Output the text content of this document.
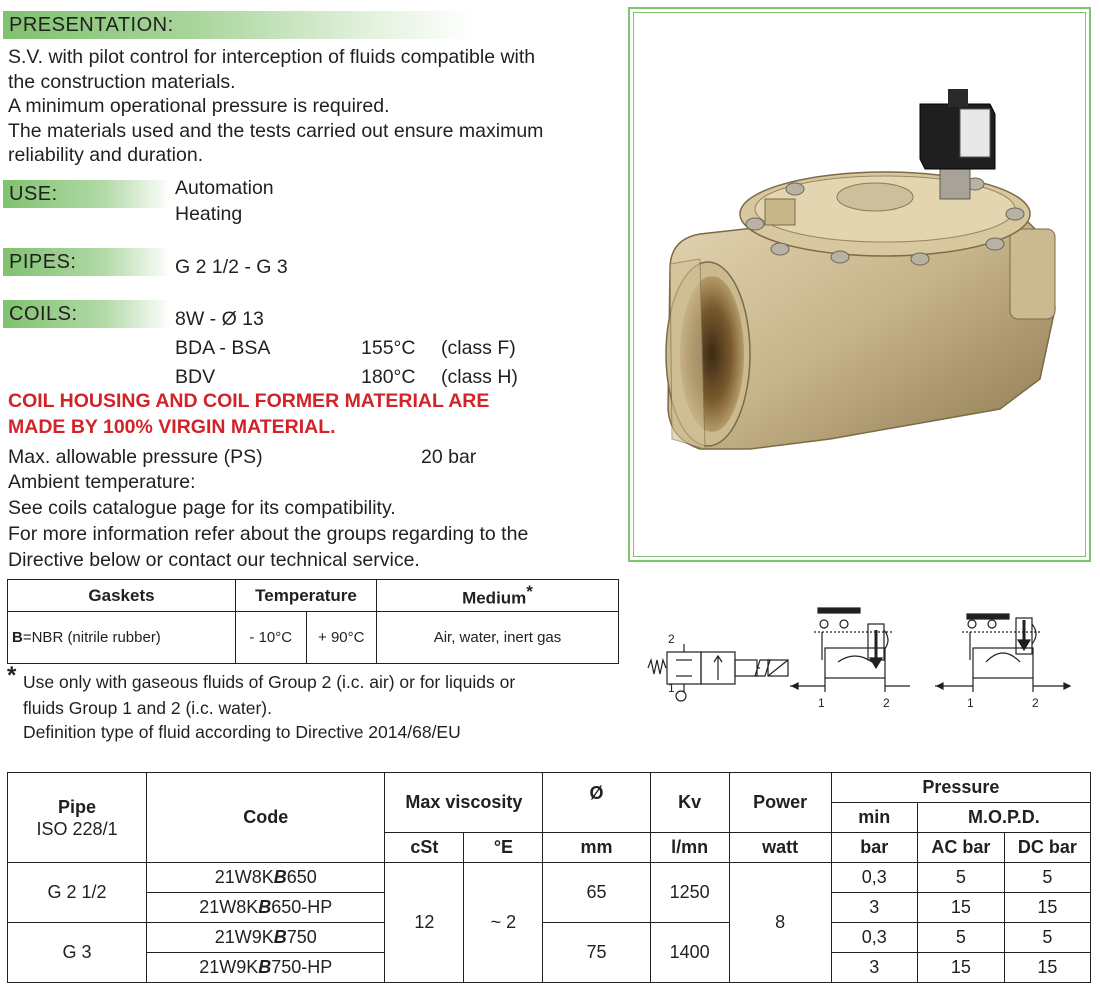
PRESENTATION:
S.V. with pilot control for interception of fluids compatible with
the construction materials.
A minimum operational pressure is required.
The materials used and the tests carried out ensure maximum
reliability and duration.
USE:	Automation
Heating
PIPES:	G 2 1/2 - G 3
COILS:	8W - Ø 13
BDA - BSA	155°C (class F)
BDV	180°C (class H)
COIL HOUSING AND COIL FORMER MATERIAL ARE
MADE BY 100% VIRGIN MATERIAL.
Max. allowable pressure (PS)	20 bar
Ambient temperature:
See coils catalogue page for its compatibility.
For more information refer about the groups regarding to the
Directive below or contact our technical service.
Gaskets	Temperature		Medium*
B=NBR (nitrile rubber)	- 10°C	+ 90°C	Air, water, inert gas
* Use only with gaseous fluids of Group 2 (i.c. air) or for liquids or
fluids Group 1 and 2 (i.c. water).
Definition type of fluid according to Directive 2014/68/EU
2
1
1	2	1	2
Pipe
ISO 228/1	Code	Max viscosity		Ø	Kv	Power	Pressure		
							min	M.O.P.D.	
		cSt	°E	mm	l/mn	watt	bar	AC bar	DC bar
G 2 1/2	21W8KB650	12	~ 2	65	1250	8	0,3	5	5
	21W8KB650-HP						3	15	15
G 3	21W9KB750			75	1400		0,3	5	5
	21W9KB750-HP						3	15	15
